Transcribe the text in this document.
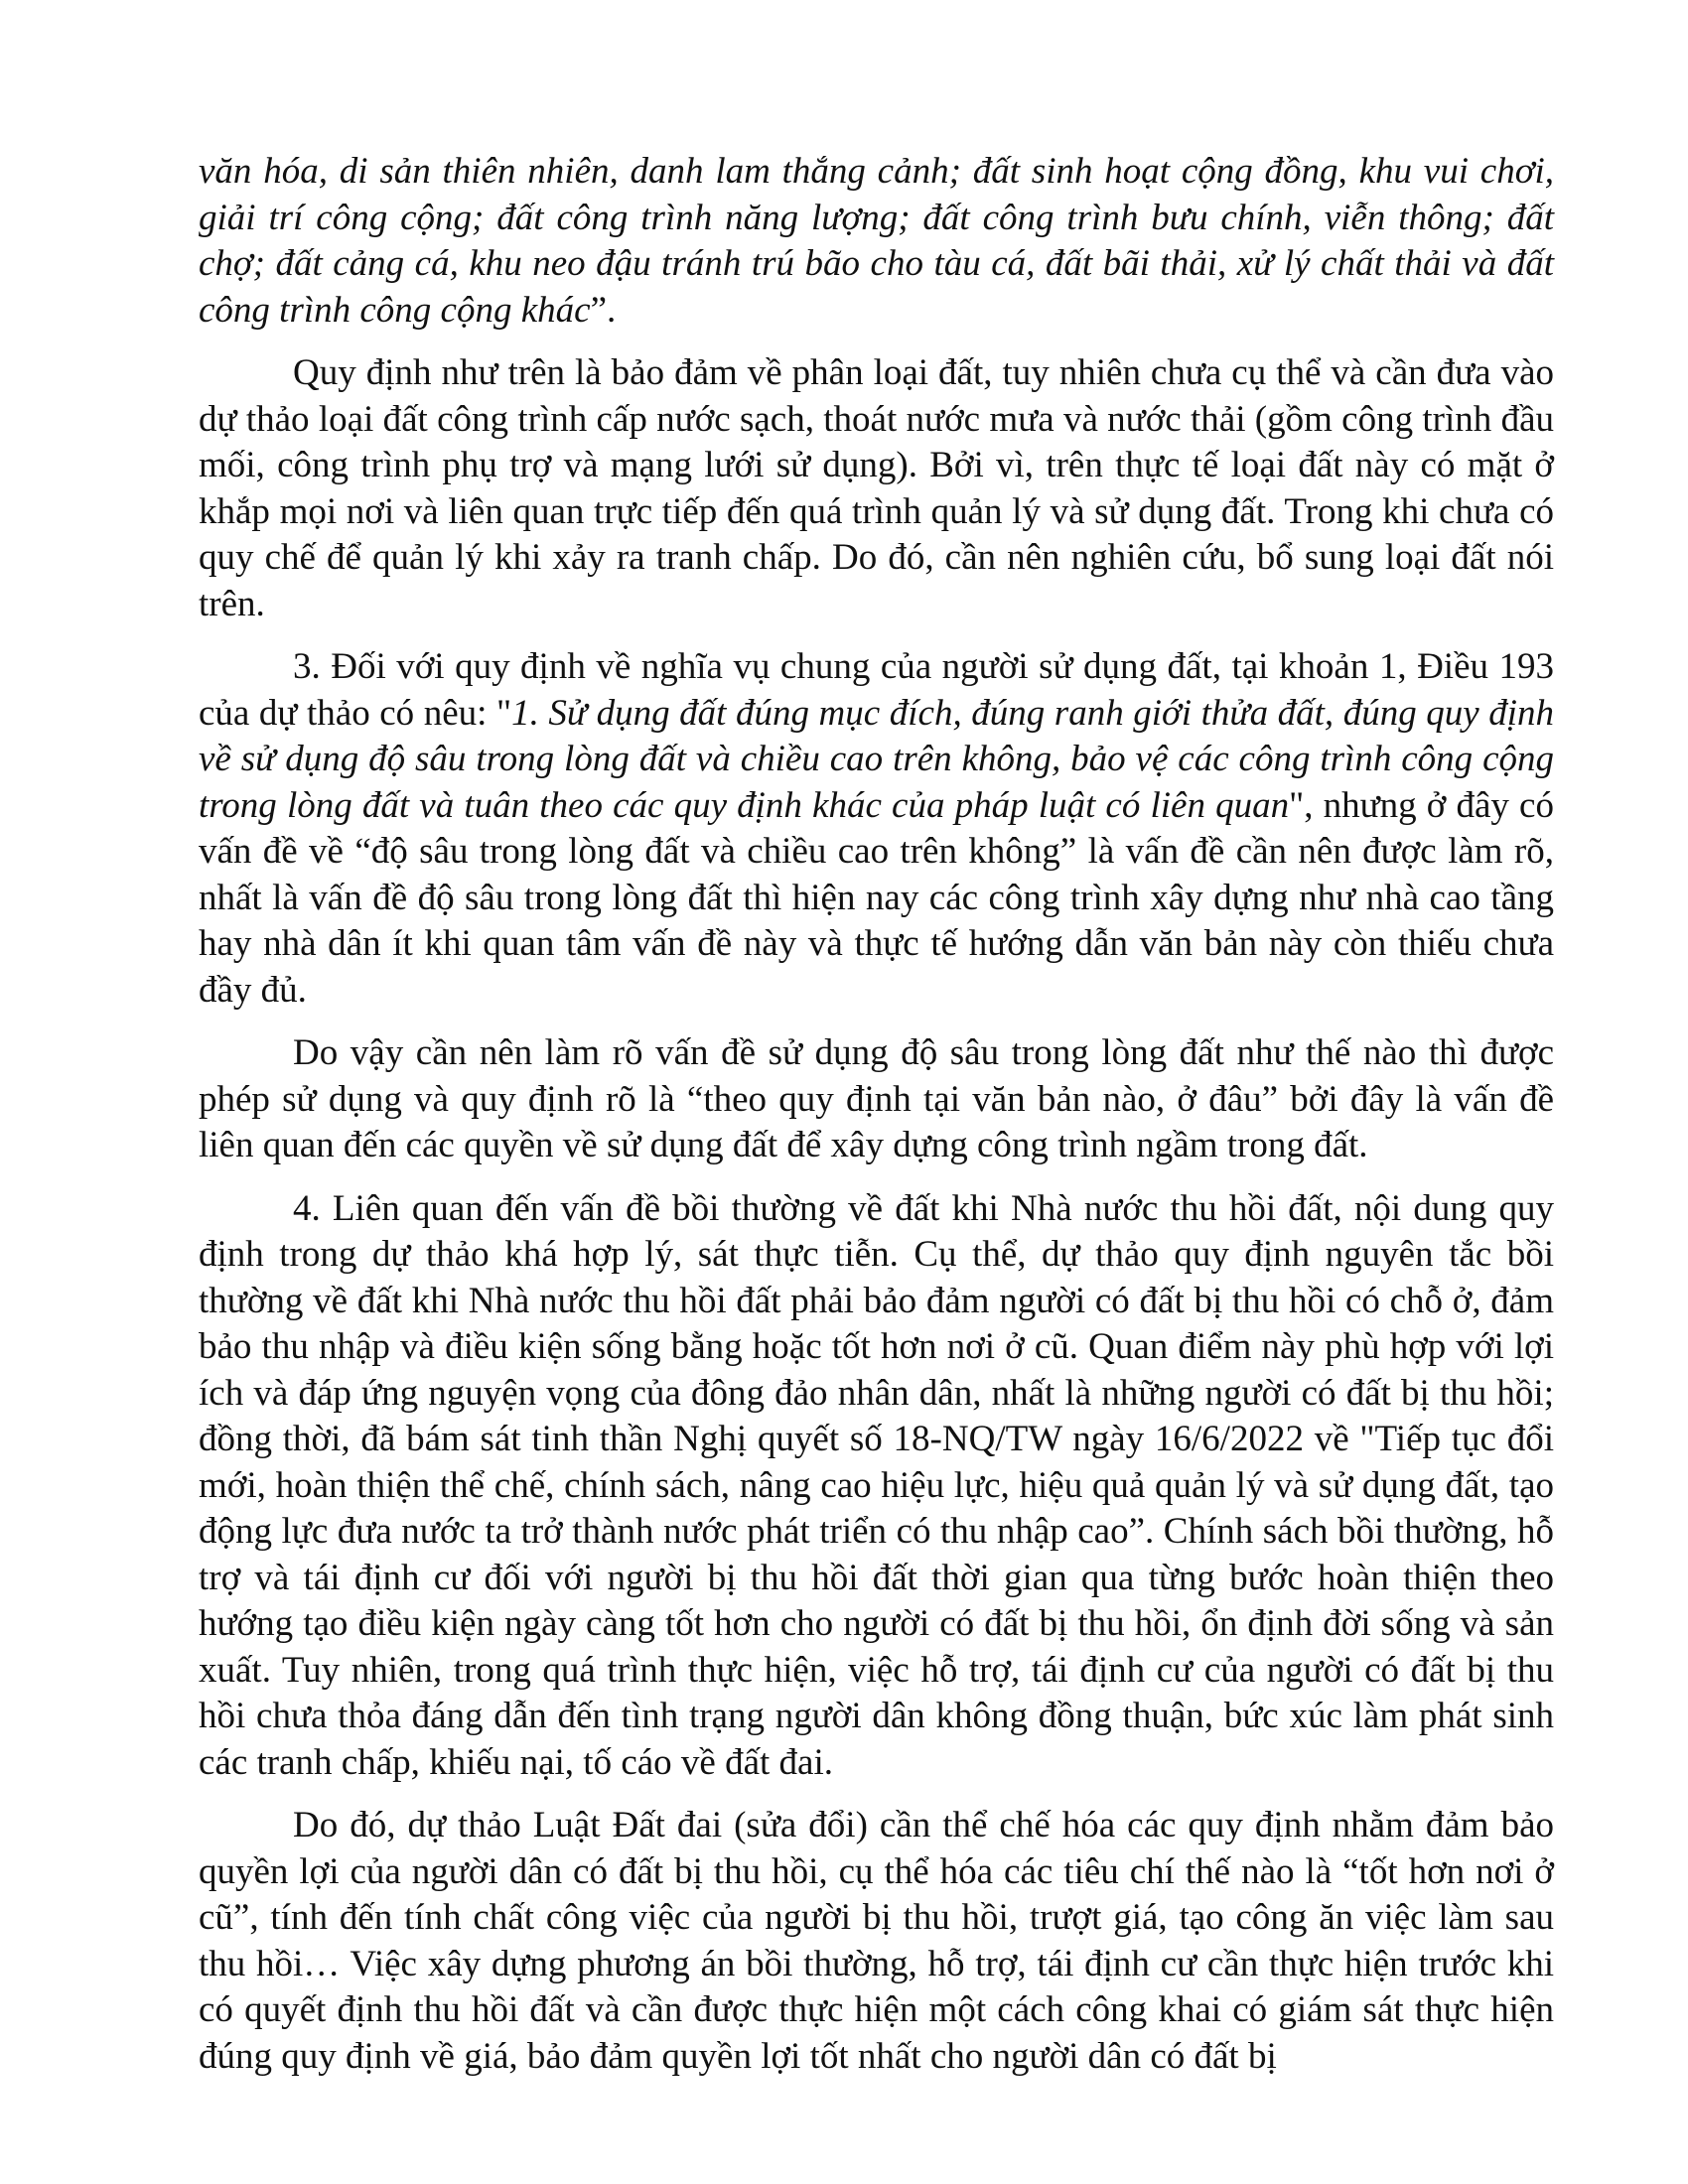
văn hóa, di sản thiên nhiên, danh lam thắng cảnh; đất sinh hoạt cộng đồng, khu vui chơi, giải trí công cộng; đất công trình năng lượng; đất công trình bưu chính, viễn thông; đất chợ; đất cảng cá, khu neo đậu tránh trú bão cho tàu cá, đất bãi thải, xử lý chất thải và đất công trình công cộng khác”.

Quy định như trên là bảo đảm về phân loại đất, tuy nhiên chưa cụ thể và cần đưa vào dự thảo loại đất công trình cấp nước sạch, thoát nước mưa và nước thải (gồm công trình đầu mối, công trình phụ trợ và mạng lưới sử dụng). Bởi vì, trên thực tế loại đất này có mặt ở khắp mọi nơi và liên quan trực tiếp đến quá trình quản lý và sử dụng đất. Trong khi chưa có quy chế để quản lý khi xảy ra tranh chấp. Do đó, cần nên nghiên cứu, bổ sung loại đất nói trên.

3. Đối với quy định về nghĩa vụ chung của người sử dụng đất, tại khoản 1, Điều 193 của dự thảo có nêu: "1. Sử dụng đất đúng mục đích, đúng ranh giới thửa đất, đúng quy định về sử dụng độ sâu trong lòng đất và chiều cao trên không, bảo vệ các công trình công cộng trong lòng đất và tuân theo các quy định khác của pháp luật có liên quan", nhưng ở đây có vấn đề về “độ sâu trong lòng đất và chiều cao trên không” là vấn đề cần nên được làm rõ, nhất là vấn đề độ sâu trong lòng đất thì hiện nay các công trình xây dựng như nhà cao tầng hay nhà dân ít khi quan tâm vấn đề này và thực tế hướng dẫn văn bản này còn thiếu chưa đầy đủ.

Do vậy cần nên làm rõ vấn đề sử dụng độ sâu trong lòng đất như thế nào thì được phép sử dụng và quy định rõ là “theo quy định tại văn bản nào, ở đâu” bởi đây là vấn đề liên quan đến các quyền về sử dụng đất để xây dựng công trình ngầm trong đất.

4. Liên quan đến vấn đề bồi thường về đất khi Nhà nước thu hồi đất, nội dung quy định trong dự thảo khá hợp lý, sát thực tiễn. Cụ thể, dự thảo quy định nguyên tắc bồi thường về đất khi Nhà nước thu hồi đất phải bảo đảm người có đất bị thu hồi có chỗ ở, đảm bảo thu nhập và điều kiện sống bằng hoặc tốt hơn nơi ở cũ. Quan điểm này phù hợp với lợi ích và đáp ứng nguyện vọng của đông đảo nhân dân, nhất là những người có đất bị thu hồi; đồng thời, đã bám sát tinh thần Nghị quyết số 18-NQ/TW ngày 16/6/2022 về "Tiếp tục đổi mới, hoàn thiện thể chế, chính sách, nâng cao hiệu lực, hiệu quả quản lý và sử dụng đất, tạo động lực đưa nước ta trở thành nước phát triển có thu nhập cao”. Chính sách bồi thường, hỗ trợ và tái định cư đối với người bị thu hồi đất thời gian qua từng bước hoàn thiện theo hướng tạo điều kiện ngày càng tốt hơn cho người có đất bị thu hồi, ổn định đời sống và sản xuất. Tuy nhiên, trong quá trình thực hiện, việc hỗ trợ, tái định cư của người có đất bị thu hồi chưa thỏa đáng dẫn đến tình trạng người dân không đồng thuận, bức xúc làm phát sinh các tranh chấp, khiếu nại, tố cáo về đất đai.

Do đó, dự thảo Luật Đất đai (sửa đổi) cần thể chế hóa các quy định nhằm đảm bảo quyền lợi của người dân có đất bị thu hồi, cụ thể hóa các tiêu chí thế nào là “tốt hơn nơi ở cũ”, tính đến tính chất công việc của người bị thu hồi, trượt giá, tạo công ăn việc làm sau thu hồi… Việc xây dựng phương án bồi thường, hỗ trợ, tái định cư cần thực hiện trước khi có quyết định thu hồi đất và cần được thực hiện một cách công khai có giám sát thực hiện đúng quy định về giá, bảo đảm quyền lợi tốt nhất cho người dân có đất bị
